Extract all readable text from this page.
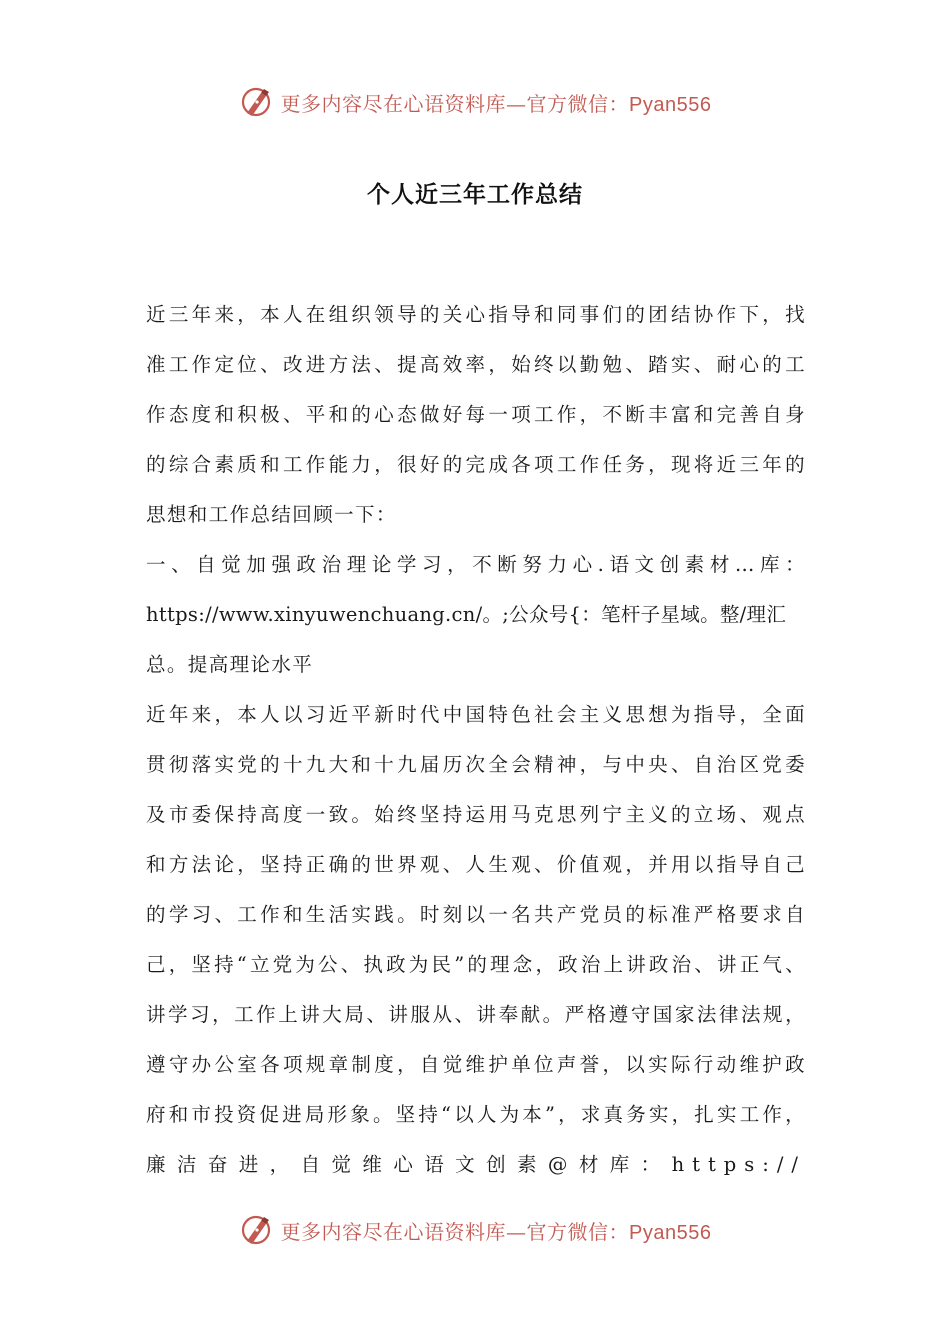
更多内容尽在心语资料库—官方微信：Pyan556
个人近三年工作总结
近三年来，本人在组织领导的关心指导和同事们的团结协作下，找
准工作定位、改进方法、提高效率，始终以勤勉、踏实、耐心的工
作态度和积极、平和的心态做好每一项工作，不断丰富和完善自身
的综合素质和工作能力，很好的完成各项工作任务，现将近三年的
思想和工作总结回顾一下：
一、自觉加强政治理论学习，不断努力心.语文创素材…库：
https://www.xinyuwenchuang.cn/。;公众号{：笔杆子星域。整/理汇
总。提高理论水平
近年来，本人以习近平新时代中国特色社会主义思想为指导，全面
贯彻落实党的十九大和十九届历次全会精神，与中央、自治区党委
及市委保持高度一致。始终坚持运用马克思列宁主义的立场、观点
和方法论，坚持正确的世界观、人生观、价值观，并用以指导自己
的学习、工作和生活实践。时刻以一名共产党员的标准严格要求自
己，坚持“立党为公、执政为民”的理念，政治上讲政治、讲正气、
讲学习，工作上讲大局、讲服从、讲奉献。严格遵守国家法律法规，
遵守办公室各项规章制度，自觉维护单位声誉，以实际行动维护政
府和市投资促进局形象。坚持“以人为本”，求真务实，扎实工作，
廉洁奋进，自觉维心语文创素@材库：https://
更多内容尽在心语资料库—官方微信：Pyan556
